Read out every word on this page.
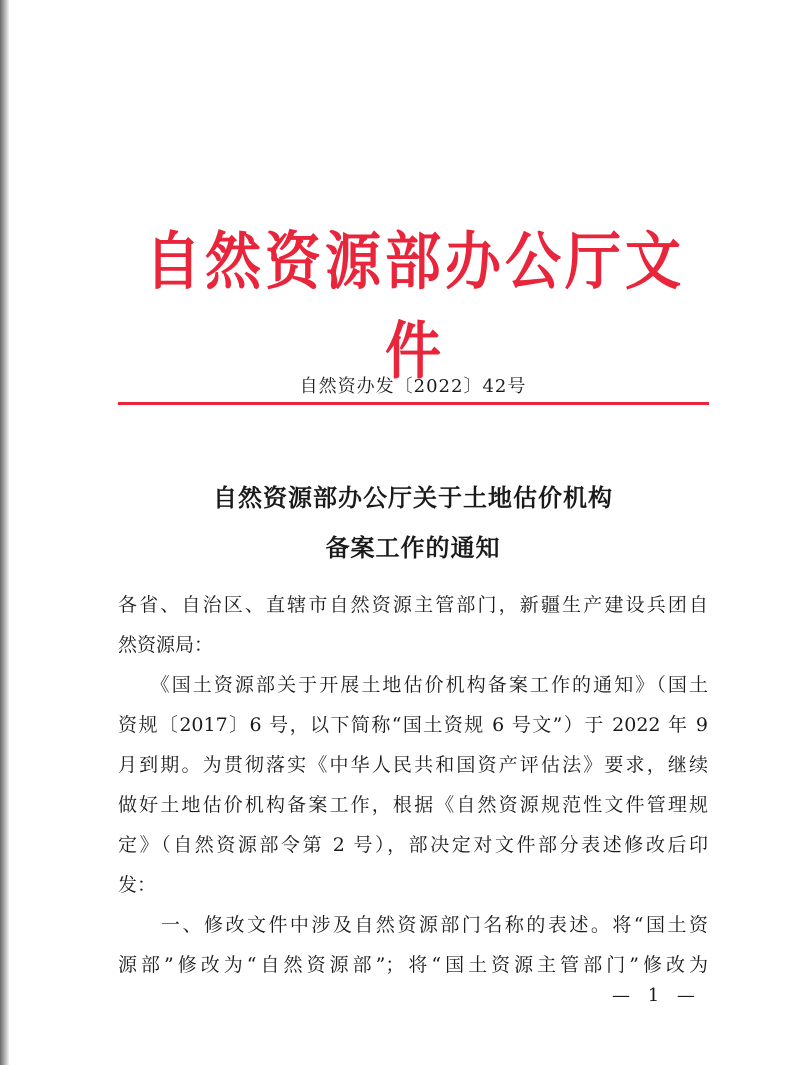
自然资源部办公厅文件
自然资办发〔2022〕42号
自然资源部办公厅关于土地估价机构
备案工作的通知
各省、自治区、直辖市自然资源主管部门，新疆生产建设兵团自
然资源局：
　　《国土资源部关于开展土地估价机构备案工作的通知》（国土
资规〔2017〕6 号，以下简称“国土资规 6 号文”）于 2022 年 9
月到期。为贯彻落实《中华人民共和国资产评估法》要求，继续
做好土地估价机构备案工作，根据《自然资源规范性文件管理规
定》（自然资源部令第 2 号），部决定对文件部分表述修改后印
发：
　　一、修改文件中涉及自然资源部门名称的表述。将“国土资
源部”修改为“自然资源部”；将“国土资源主管部门”修改为
— 1 —
